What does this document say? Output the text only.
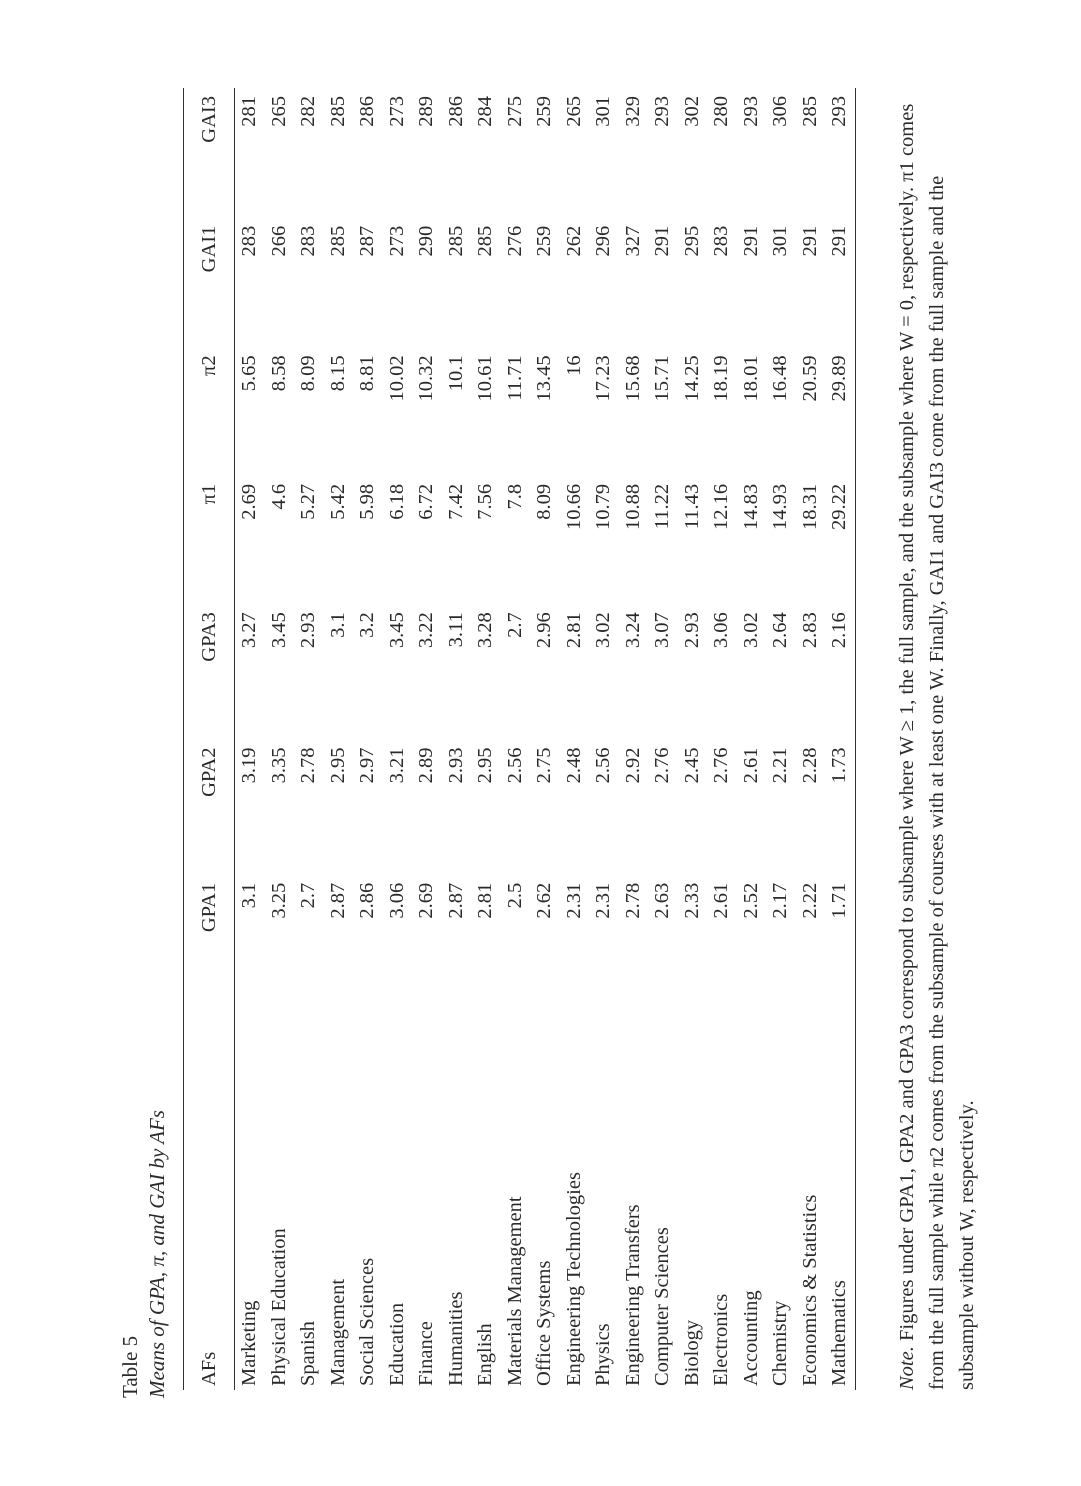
Table 5 Means of GPA, π, and GAI by AFs AFs	GPA1	GPA2	GPA3	π1	π2	GAI1	GAI3
Marketing	3.1	3.19	3.27	2.69	5.65	283	281
Physical Education	3.25	3.35	3.45	4.6	8.58	266	265
Spanish	2.7	2.78	2.93	5.27	8.09	283	282
Management	2.87	2.95	3.1	5.42	8.15	285	285
Social Sciences	2.86	2.97	3.2	5.98	8.81	287	286
Education	3.06	3.21	3.45	6.18	10.02	273	273
Finance	2.69	2.89	3.22	6.72	10.32	290	289
Humanities	2.87	2.93	3.11	7.42	10.1	285	286
English	2.81	2.95	3.28	7.56	10.61	285	284
Materials Management	2.5	2.56	2.7	7.8	11.71	276	275
Office Systems	2.62	2.75	2.96	8.09	13.45	259	259
Engineering Technologies	2.31	2.48	2.81	10.66	16	262	265
Physics	2.31	2.56	3.02	10.79	17.23	296	301
Engineering Transfers	2.78	2.92	3.24	10.88	15.68	327	329
Computer Sciences	2.63	2.76	3.07	11.22	15.71	291	293
Biology	2.33	2.45	2.93	11.43	14.25	295	302
Electronics	2.61	2.76	3.06	12.16	18.19	283	280
Accounting	2.52	2.61	3.02	14.83	18.01	291	293
Chemistry	2.17	2.21	2.64	14.93	16.48	301	306
Economics & Statistics	2.22	2.28	2.83	18.31	20.59	291	285
Mathematics	1.71	1.73	2.16	29.22	29.89	291	293
Note. Figures under GPA1, GPA2 and GPA3 correspond to subsample where W ≥ 1, the full sample, and the subsample where W = 0, respectively. π1 comes from the full sample while π2 comes from the subsample of courses with at least one W. Finally, GAI1 and GAI3 come from the full sample and the subsample without W, respectively.
